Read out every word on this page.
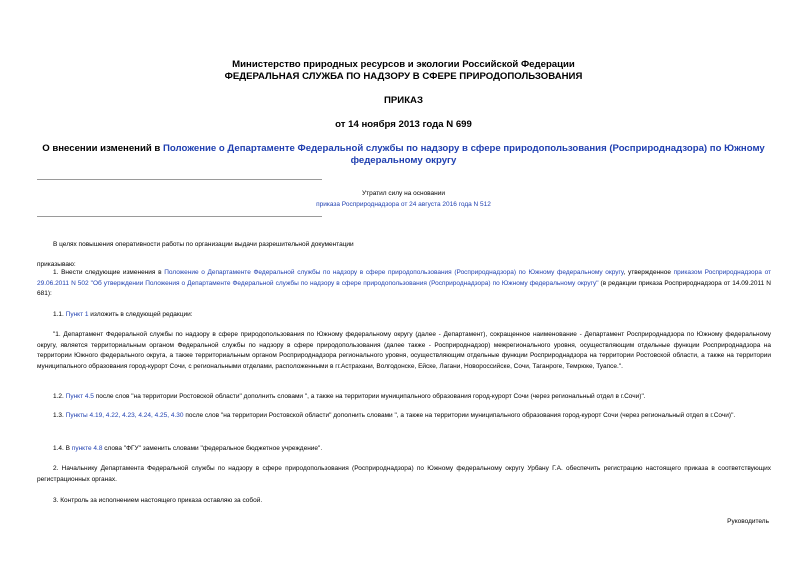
Министерство природных ресурсов и экологии Российской Федерации
ФЕДЕРАЛЬНАЯ СЛУЖБА ПО НАДЗОРУ В СФЕРЕ ПРИРОДОПОЛЬЗОВАНИЯ
ПРИКАЗ
от 14 ноября 2013 года N 699
О внесении изменений в Положение о Департаменте Федеральной службы по надзору в сфере природопользования (Росприроднадзора) по Южному федеральному округу
Утратил силу на основании
приказа Росприроднадзора от 24 августа 2016 года N 512
В целях повышения оперативности работы по организации выдачи разрешительной документации
приказываю:
1. Внести следующие изменения в Положение о Департаменте Федеральной службы по надзору в сфере природопользования (Росприроднадзора) по Южному федеральному округу, утвержденное приказом Росприроднадзора от 29.06.2011 N 502 "Об утверждении Положения о Департаменте Федеральной службы по надзору в сфере природопользования (Росприроднадзора) по Южному федеральному округу" (в редакции приказа Росприроднадзора от 14.09.2011 N 681):
1.1. Пункт 1 изложить в следующей редакции:
"1. Департамент Федеральной службы по надзору в сфере природопользования по Южному федеральному округу (далее - Департамент), сокращенное наименование - Департамент Росприроднадзора по Южному федеральному округу, является территориальным органом Федеральной службы по надзору в сфере природопользования (далее также - Росприроднадзор) межрегионального уровня, осуществляющим отдельные функции Росприроднадзора на территории Южного федерального округа, а также территориальным органом Росприроднадзора регионального уровня, осуществляющим отдельные функции Росприроднадзора на территории Ростовской области, а также на территории муниципального образования город-курорт Сочи, с региональными отделами, расположенными в гг.Астрахани, Волгодонске, Ейске, Лагани, Новороссийске, Сочи, Таганроге, Темрюке, Туапсе.".
1.2. Пункт 4.5 после слов "на территории Ростовской области" дополнить словами ", а также на территории муниципального образования город-курорт Сочи (через региональный отдел в г.Сочи)".
1.3. Пункты 4.19, 4.22, 4.23, 4.24, 4.25, 4.30 после слов "на территории Ростовской области" дополнить словами ", а также на территории муниципального образования город-курорт Сочи (через региональный отдел в г.Сочи)".
1.4. В пункте 4.8 слова "ФГУ" заменить словами "федеральное бюджетное учреждение".
2. Начальнику Департамента Федеральной службы по надзору в сфере природопользования (Росприроднадзора) по Южному федеральному округу Урбану Г.А. обеспечить регистрацию настоящего приказа в соответствующих регистрационных органах.
3. Контроль за исполнением настоящего приказа оставляю за собой.
Руководитель
